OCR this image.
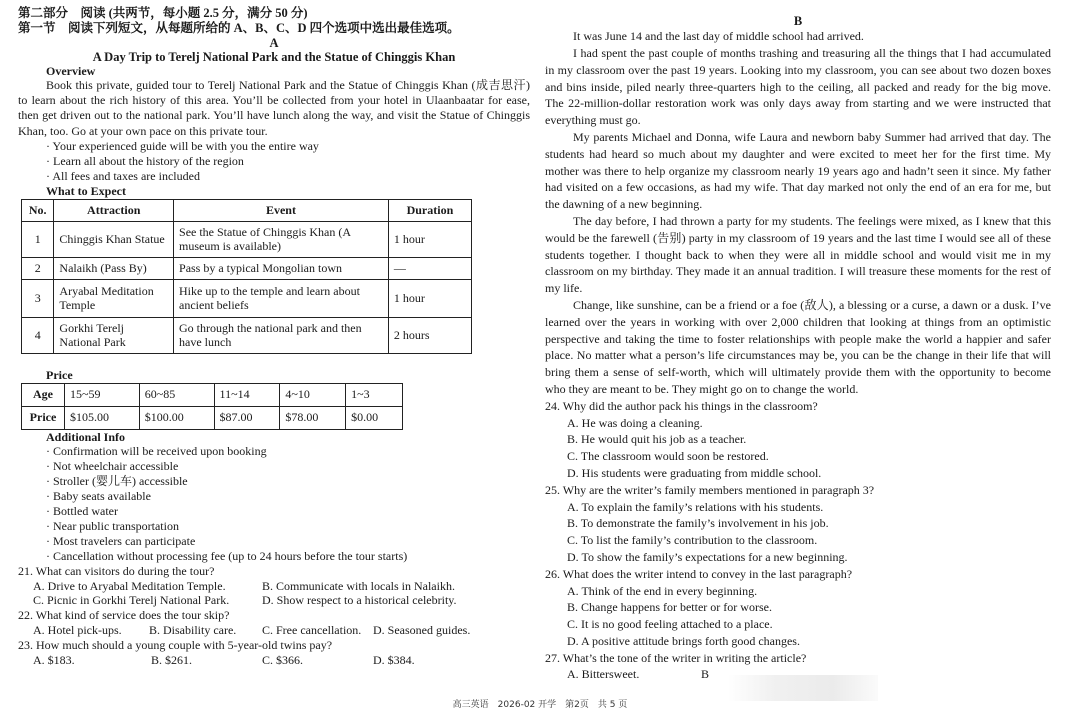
第二部分　阅读 (共两节，每小题 2.5 分，满分 50 分)
第一节　阅读下列短文，从每题所给的 A、B、C、D 四个选项中选出最佳选项。
A
A Day Trip to Terelj National Park and the Statue of Chinggis Khan
Overview

Book this private, guided tour to Terelj National Park and the Statue of Chinggis Khan (成吉思汗) to learn about the rich history of this area. You’ll be collected from your hotel in Ulaanbaatar for ease, then get driven out to the national park. You’ll have lunch along the way, and visit the Statue of Chinggis Khan, too. Go at your own pace on this private tour.

· Your experienced guide will be with you the entire way
· Learn all about the history of the region
· All fees and taxes are included
What to Expect
No.	Attraction	Event	Duration
1	Chinggis Khan Statue	See the Statue of Chinggis Khan (A museum is available)	1 hour
2	Nalaikh (Pass By)	Pass by a typical Mongolian town	—
3	Aryabal Meditation Temple	Hike up to the temple and learn about ancient beliefs	1 hour
4	Gorkhi Terelj National Park	Go through the national park and then have lunch	2 hours
Price
Age	15~59	60~85	11~14	4~10	1~3
Price	$105.00	$100.00	$87.00	$78.00	$0.00
Additional Info
· Confirmation will be received upon booking
· Not wheelchair accessible
· Stroller (婴儿车) accessible
· Baby seats available
· Bottled water
· Near public transportation
· Most travelers can participate
· Cancellation without processing fee (up to 24 hours before the tour starts)
21. What can visitors do during the tour?
A. Drive to Aryabal Meditation Temple.	B. Communicate with locals in Nalaikh.
C. Picnic in Gorkhi Terelj National Park.	D. Show respect to a historical celebrity.
22. What kind of service does the tour skip?
A. Hotel pick-ups.	B. Disability care.	C. Free cancellation. D. Seasoned guides.
23. How much should a young couple with 5-year-old twins pay?
A. $183.	B. $261.	C. $366.	D. $384.
B

It was June 14 and the last day of middle school had arrived.

I had spent the past couple of months trashing and treasuring all the things that I had accumulated in my classroom over the past 19 years. Looking into my classroom, you can see about two dozen boxes and bins inside, piled nearly three-quarters high to the ceiling, all packed and ready for the big move. The 22-million-dollar restoration work was only days away from starting and we were instructed that everything must go.

My parents Michael and Donna, wife Laura and newborn baby Summer had arrived that day. The students had heard so much about my daughter and were excited to meet her for the first time. My mother was there to help organize my classroom nearly 19 years ago and hadn’t seen it since. My father had visited on a few occasions, as had my wife. That day marked not only the end of an era for me, but the dawning of a new beginning.

The day before, I had thrown a party for my students. The feelings were mixed, as I knew that this would be the farewell (告别) party in my classroom of 19 years and the last time I would see all of these students together. I thought back to when they were all in middle school and would visit me in my classroom on my birthday. They made it an annual tradition. I will treasure these moments for the rest of my life.

Change, like sunshine, can be a friend or a foe (敌人), a blessing or a curse, a dawn or a dusk. I’ve learned over the years in working with over 2,000 children that looking at things from an optimistic perspective and taking the time to foster relationships with people make the world a happier and safer place. No matter what a person’s life circumstances may be, you can be the change in their life that will bring them a sense of self-worth, which will ultimately provide them with the opportunity to become who they are meant to be. They might go on to change the world.

24. Why did the author pack his things in the classroom?
A. He was doing a cleaning.
B. He would quit his job as a teacher.
C. The classroom would soon be restored.
D. His students were graduating from middle school.
25. Why are the writer’s family members mentioned in paragraph 3?
A. To explain the family’s relations with his students.
B. To demonstrate the family’s involvement in his job.
C. To list the family’s contribution to the classroom.
D. To show the family’s expectations for a new beginning.
26. What does the writer intend to convey in the last paragraph?
A. Think of the end in every beginning.
B. Change happens for better or for worse.
C. It is no good feeling attached to a place.
D. A positive attitude brings forth good changes.
27. What’s the tone of the writer in writing the article?
A. Bittersweet.	B
高三英语　2026-02 开学　第2页　共 5 页
